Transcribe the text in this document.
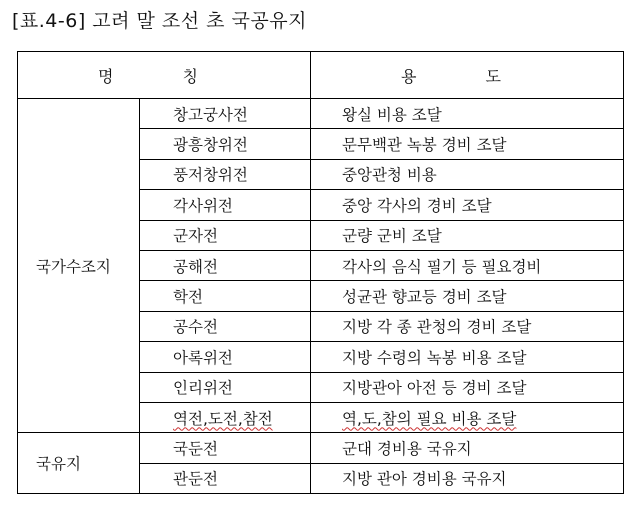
[표.4-6] 고려 말 조선 초 국공유지
명 칭		용 도
국가수조지	창고궁사전	왕실 비용 조달
	광흥창위전	문무백관 녹봉 경비 조달
	풍저창위전	중앙관청 비용
	각사위전	중앙 각사의 경비 조달
	군자전	군량 군비 조달
	공해전	각사의 음식 필기 등 필요경비
	학전	성균관 향교등 경비 조달
	공수전	지방 각 종 관청의 경비 조달
	아록위전	지방 수령의 녹봉 비용 조달
	인리위전	지방관아 아전 등 경비 조달
	역전,도전,참전	역,도,참의 필요 비용 조달
국유지	국둔전	군대 경비용 국유지
	관둔전	지방 관아 경비용 국유지
